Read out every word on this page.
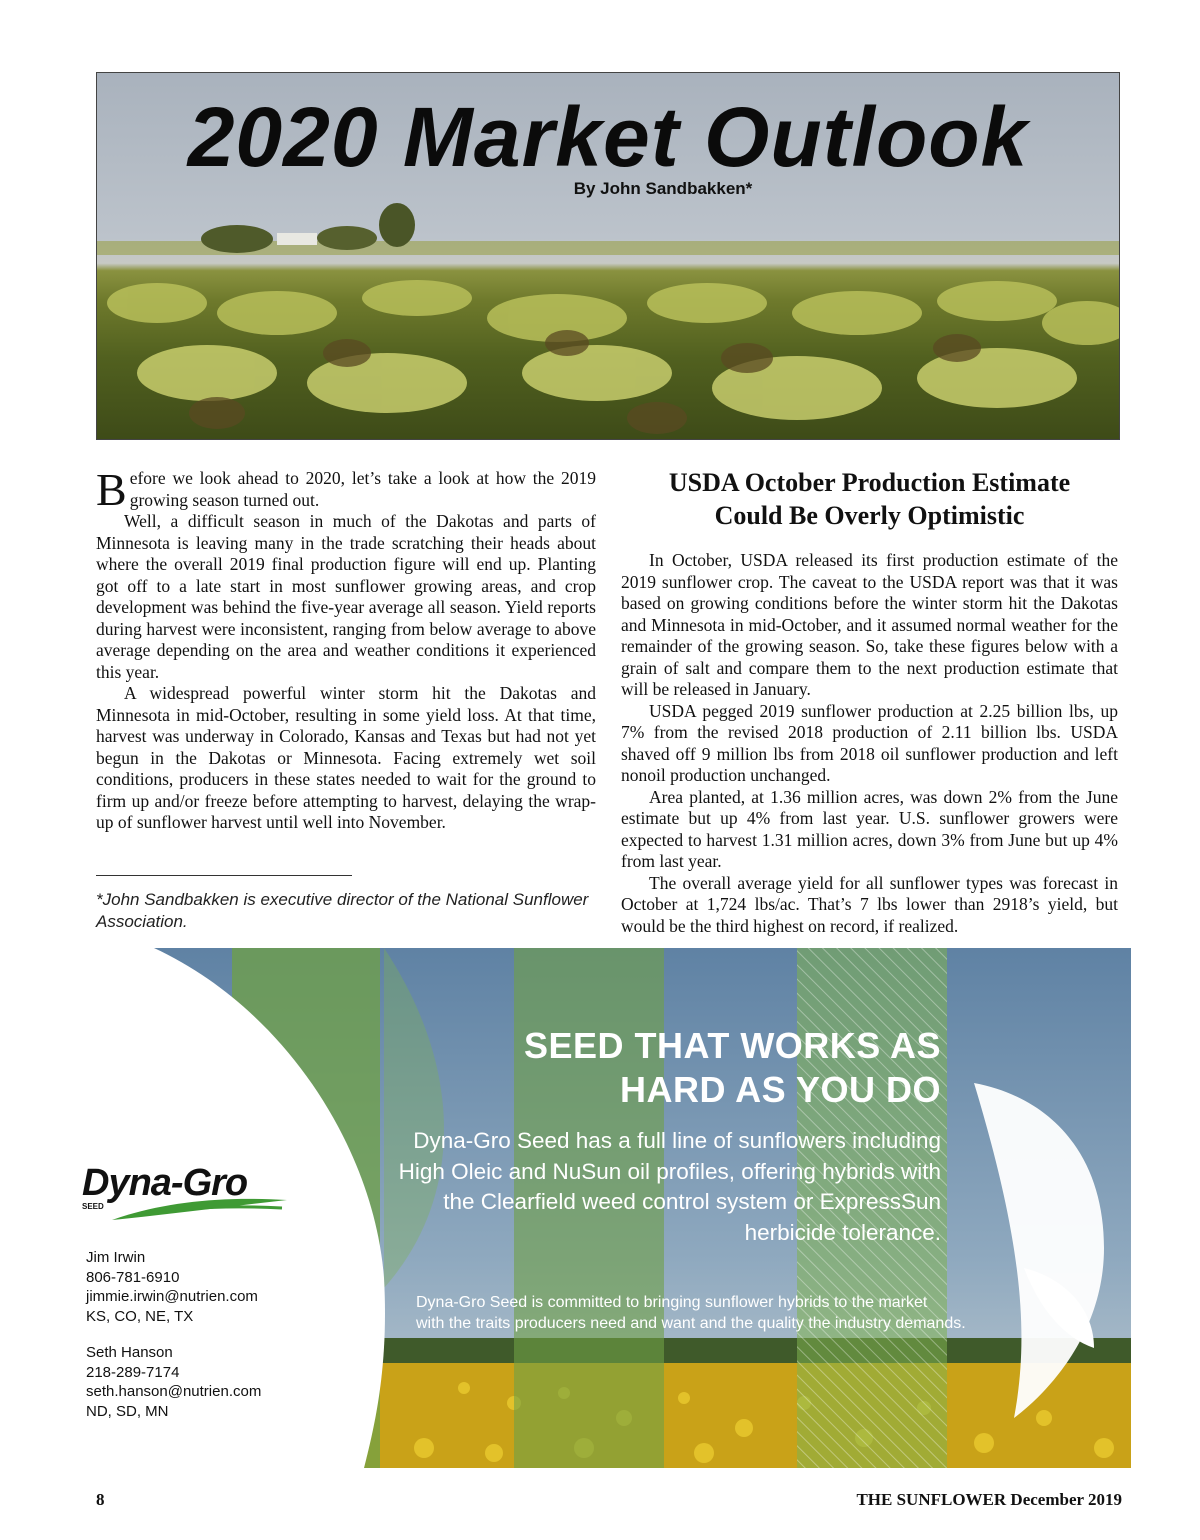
2020 Market Outlook
By John Sandbakken*

Before we look ahead to 2020, let’s take a look at how the 2019 growing season turned out.

Well, a difficult season in much of the Dakotas and parts of Minnesota is leaving many in the trade scratching their heads about where the overall 2019 final production figure will end up. Planting got off to a late start in most sunflower growing areas, and crop development was behind the five-year average all season. Yield reports during harvest were inconsistent, ranging from below average to above average depending on the area and weather conditions it experienced this year.

A widespread powerful winter storm hit the Dakotas and Minnesota in mid-October, resulting in some yield loss. At that time, harvest was underway in Colorado, Kansas and Texas but had not yet begun in the Dakotas or Minnesota. Facing extremely wet soil conditions, producers in these states needed to wait for the ground to firm up and/or freeze before attempting to harvest, delaying the wrap-up of sunflower harvest until well into November.

*John Sandbakken is executive director of the National Sunflower Association.
USDA October Production Estimate
Could Be Overly Optimistic

In October, USDA released its first production estimate of the 2019 sunflower crop. The caveat to the USDA report was that it was based on growing conditions before the winter storm hit the Dakotas and Minnesota in mid-October, and it assumed normal weather for the remainder of the growing season. So, take these figures below with a grain of salt and compare them to the next production estimate that will be released in January.

USDA pegged 2019 sunflower production at 2.25 billion lbs, up 7% from the revised 2018 production of 2.11 billion lbs. USDA shaved off 9 million lbs from 2018 oil sunflower production and left nonoil production unchanged.

Area planted, at 1.36 million acres, was down 2% from the June estimate but up 4% from last year. U.S. sunflower growers were expected to harvest 1.31 million acres, down 3% from June but up 4% from last year.

The overall average yield for all sunflower types was forecast in October at 1,724 lbs/ac. That’s 7 lbs lower than 2918’s yield, but would be the third highest on record, if realized.

Dyna-Gro
SEED
Jim Irwin
806-781-6910
jimmie.irwin@nutrien.com
KS, CO, NE, TX
Seth Hanson
218-289-7174
seth.hanson@nutrien.com
ND, SD, MN
SEED THAT WORKS AS
HARD AS YOU DO
Dyna-Gro Seed has a full line of sunflowers including High Oleic and NuSun oil profiles, offering hybrids with the Clearfield weed control system or ExpressSun herbicide tolerance.
Dyna-Gro Seed is committed to bringing sunflower hybrids to the market
with the traits producers need and want and the quality the industry demands.
8	THE SUNFLOWER December 2019
